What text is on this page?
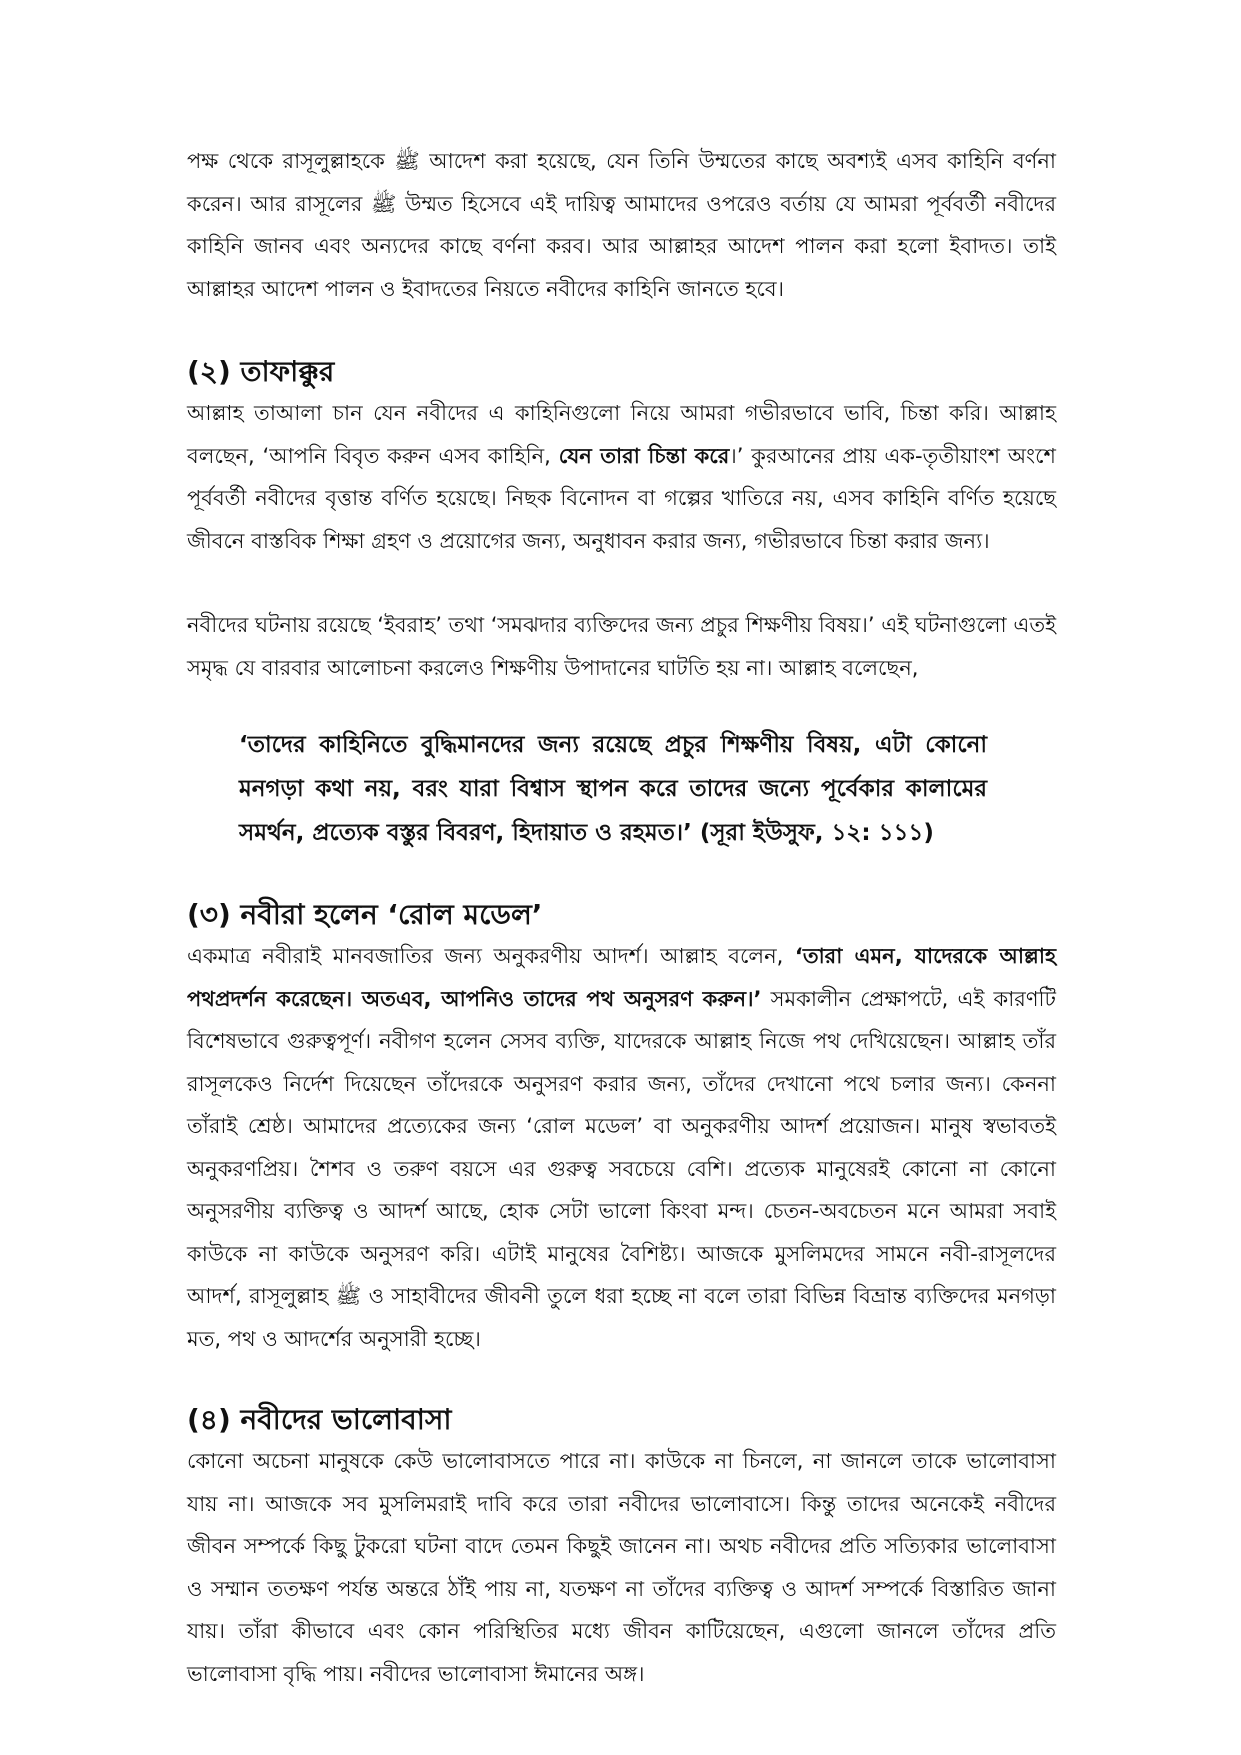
পক্ষ থেকে রাসূলুল্লাহকে ﷺ আদেশ করা হয়েছে, যেন তিনি উম্মতের কাছে অবশ্যই এসব কাহিনি বর্ণনা করেন। আর রাসূলের ﷺ উম্মত হিসেবে এই দায়িত্ব আমাদের ওপরেও বর্তায় যে আমরা পূর্ববর্তী নবীদের কাহিনি জানব এবং অন্যদের কাছে বর্ণনা করব। আর আল্লাহর আদেশ পালন করা হলো ইবাদত। তাই আল্লাহর আদেশ পালন ও ইবাদতের নিয়তে নবীদের কাহিনি জানতে হবে।

(২) তাফাক্কুর

আল্লাহ তাআলা চান যেন নবীদের এ কাহিনিগুলো নিয়ে আমরা গভীরভাবে ভাবি, চিন্তা করি। আল্লাহ বলছেন, ‘আপনি বিবৃত করুন এসব কাহিনি, যেন তারা চিন্তা করে।’ কুরআনের প্রায় এক-তৃতীয়াংশ অংশে পূর্ববর্তী নবীদের বৃত্তান্ত বর্ণিত হয়েছে। নিছক বিনোদন বা গল্পের খাতিরে নয়, এসব কাহিনি বর্ণিত হয়েছে জীবনে বাস্তবিক শিক্ষা গ্রহণ ও প্রয়োগের জন্য, অনুধাবন করার জন্য, গভীরভাবে চিন্তা করার জন্য।

নবীদের ঘটনায় রয়েছে ‘ইবরাহ’ তথা ‘সমঝদার ব্যক্তিদের জন্য প্রচুর শিক্ষণীয় বিষয়।’ এই ঘটনাগুলো এতই সমৃদ্ধ যে বারবার আলোচনা করলেও শিক্ষণীয় উপাদানের ঘাটতি হয় না। আল্লাহ বলেছেন,

‘তাদের কাহিনিতে বুদ্ধিমানদের জন্য রয়েছে প্রচুর শিক্ষণীয় বিষয়, এটা কোনো মনগড়া কথা নয়, বরং যারা বিশ্বাস স্থাপন করে তাদের জন্যে পূর্বেকার কালামের সমর্থন, প্রত্যেক বস্তুর বিবরণ, হিদায়াত ও রহমত।’ (সূরা ইউসুফ, ১২: ১১১)
(৩) নবীরা হলেন ‘রোল মডেল’

একমাত্র নবীরাই মানবজাতির জন্য অনুকরণীয় আদর্শ। আল্লাহ বলেন, ‘তারা এমন, যাদেরকে আল্লাহ পথপ্রদর্শন করেছেন। অতএব, আপনিও তাদের পথ অনুসরণ করুন।’ সমকালীন প্রেক্ষাপটে, এই কারণটি বিশেষভাবে গুরুত্বপূর্ণ। নবীগণ হলেন সেসব ব্যক্তি, যাদেরকে আল্লাহ নিজে পথ দেখিয়েছেন। আল্লাহ তাঁর রাসূলকেও নির্দেশ দিয়েছেন তাঁদেরকে অনুসরণ করার জন্য, তাঁদের দেখানো পথে চলার জন্য। কেননা তাঁরাই শ্রেষ্ঠ। আমাদের প্রত্যেকের জন্য ‘রোল মডেল’ বা অনুকরণীয় আদর্শ প্রয়োজন। মানুষ স্বভাবতই অনুকরণপ্রিয়। শৈশব ও তরুণ বয়সে এর গুরুত্ব সবচেয়ে বেশি। প্রত্যেক মানুষেরই কোনো না কোনো অনুসরণীয় ব্যক্তিত্ব ও আদর্শ আছে, হোক সেটা ভালো কিংবা মন্দ। চেতন-অবচেতন মনে আমরা সবাই কাউকে না কাউকে অনুসরণ করি। এটাই মানুষের বৈশিষ্ট্য। আজকে মুসলিমদের সামনে নবী-রাসূলদের আদর্শ, রাসূলুল্লাহ ﷺ ও সাহাবীদের জীবনী তুলে ধরা হচ্ছে না বলে তারা বিভিন্ন বিভ্রান্ত ব্যক্তিদের মনগড়া মত, পথ ও আদর্শের অনুসারী হচ্ছে।

(৪) নবীদের ভালোবাসা

কোনো অচেনা মানুষকে কেউ ভালোবাসতে পারে না। কাউকে না চিনলে, না জানলে তাকে ভালোবাসা যায় না। আজকে সব মুসলিমরাই দাবি করে তারা নবীদের ভালোবাসে। কিন্তু তাদের অনেকেই নবীদের জীবন সম্পর্কে কিছু টুকরো ঘটনা বাদে তেমন কিছুই জানেন না। অথচ নবীদের প্রতি সত্যিকার ভালোবাসা ও সম্মান ততক্ষণ পর্যন্ত অন্তরে ঠাঁই পায় না, যতক্ষণ না তাঁদের ব্যক্তিত্ব ও আদর্শ সম্পর্কে বিস্তারিত জানা যায়। তাঁরা কীভাবে এবং কোন পরিস্থিতির মধ্যে জীবন কাটিয়েছেন, এগুলো জানলে তাঁদের প্রতি ভালোবাসা বৃদ্ধি পায়। নবীদের ভালোবাসা ঈমানের অঙ্গ।
